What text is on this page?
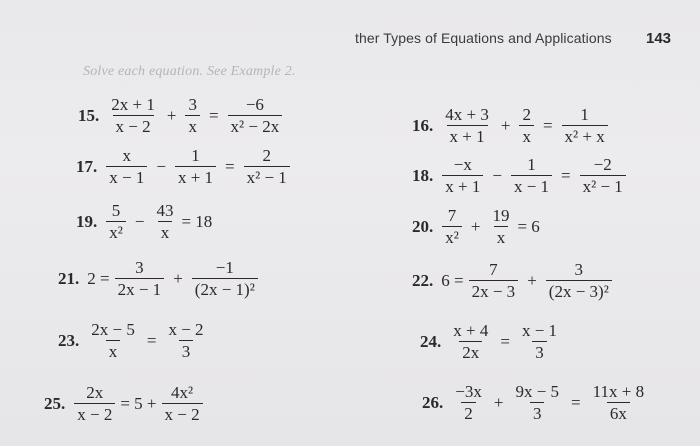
ther Types of Equations and Applications 143
Solve each equation. See Example 2.
15. $\frac{2x + 1}{x - 2} + \frac{3}{x} = \frac{-6}{\text{x² − 2x}}$	16. $\frac{4x + 3}{x + 1} + \frac{2}{x} = \frac{1}{\text{x² + x}}$
17. $\frac{x}{x - 1} - \frac{1}{x + 1} = \frac{2}{\text{x² − 1}}$	18. $\frac{-x}{x + 1} - \frac{1}{x - 1} = \frac{-2}{\text{x² − 1}}$
19. $\frac{5}{\text{x²}} - \frac{43}{x} = 18$	20. $\frac{7}{\text{x²}} + \frac{19}{x} = 6$
21. $2 = \frac{3}{2x - 1} + \frac{-1}{\text{(2x − 1)²}}$	22. $6 = \frac{7}{2x - 3} + \frac{3}{\text{(2x − 3)²}}$
23. $\frac{2x - 5}{x} = \frac{x - 2}{3}$	24. $\frac{x + 4}{2x} = \frac{x - 1}{3}$
25. $\frac{2x}{x - 2} = 5 + \frac{\text{4x²}}{x - 2}$	26. $\frac{-3x}{2} + \frac{9x - 5}{3} = \frac{11x + 8}{6x}$
